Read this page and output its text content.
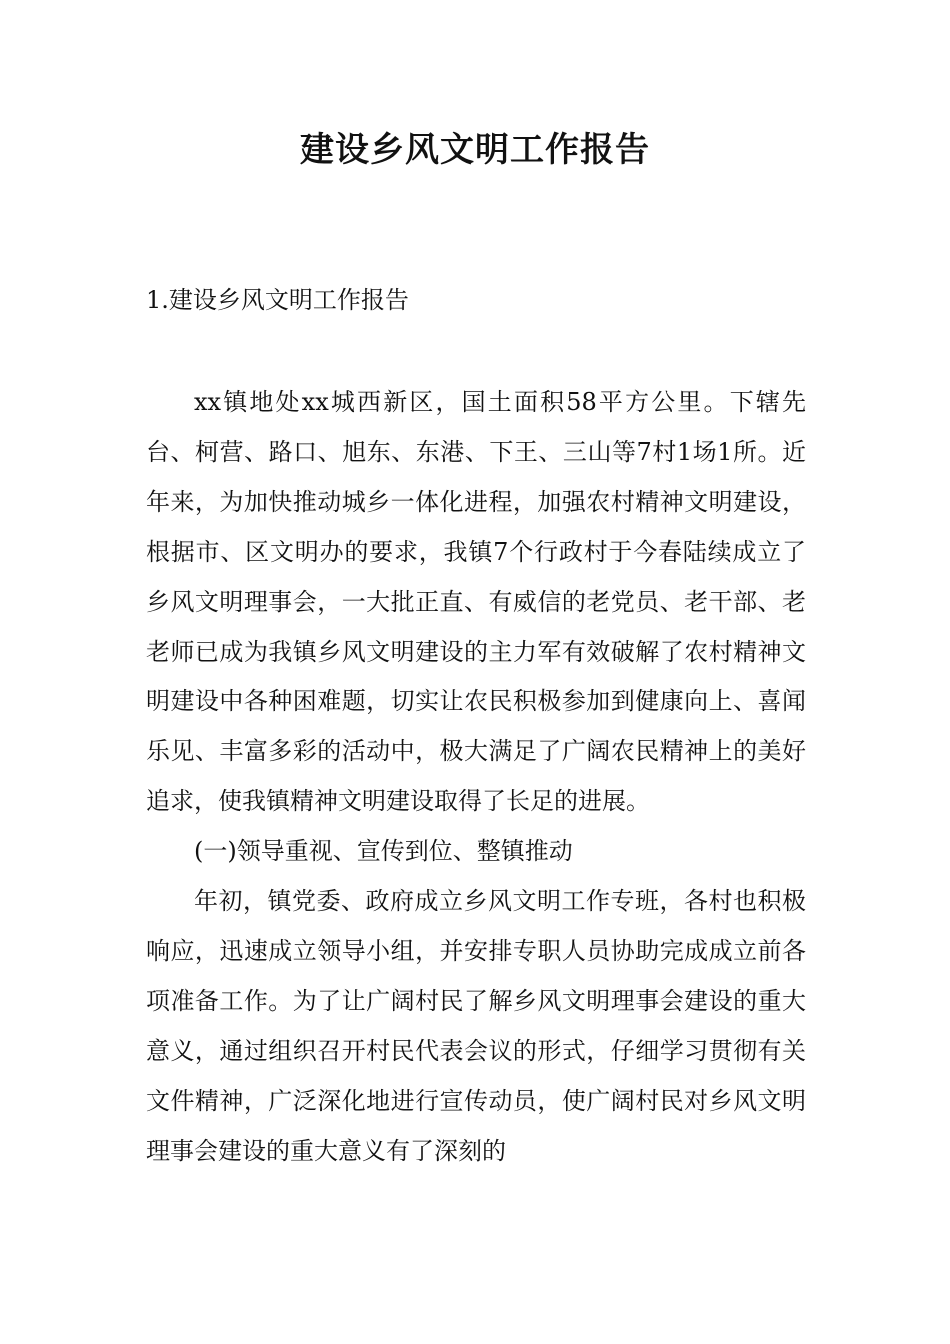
建设乡风文明工作报告

1.建设乡风文明工作报告

xx镇地处xx城西新区，国土面积58平方公里。下辖先台、柯营、路口、旭东、东港、下王、三山等7村1场1所。近年来，为加快推动城乡一体化进程，加强农村精神文明建设，根据市、区文明办的要求，我镇7个行政村于今春陆续成立了乡风文明理事会，一大批正直、有威信的老党员、老干部、老老师已成为我镇乡风文明建设的主力军有效破解了农村精神文明建设中各种困难题，切实让农民积极参加到健康向上、喜闻乐见、丰富多彩的活动中，极大满足了广阔农民精神上的美好追求，使我镇精神文明建设取得了长足的进展。

(一)领导重视、宣传到位、整镇推动

年初，镇党委、政府成立乡风文明工作专班，各村也积极响应，迅速成立领导小组，并安排专职人员协助完成成立前各项准备工作。为了让广阔村民了解乡风文明理事会建设的重大意义，通过组织召开村民代表会议的形式，仔细学习贯彻有关文件精神，广泛深化地进行宣传动员，使广阔村民对乡风文明理事会建设的重大意义有了深刻的
